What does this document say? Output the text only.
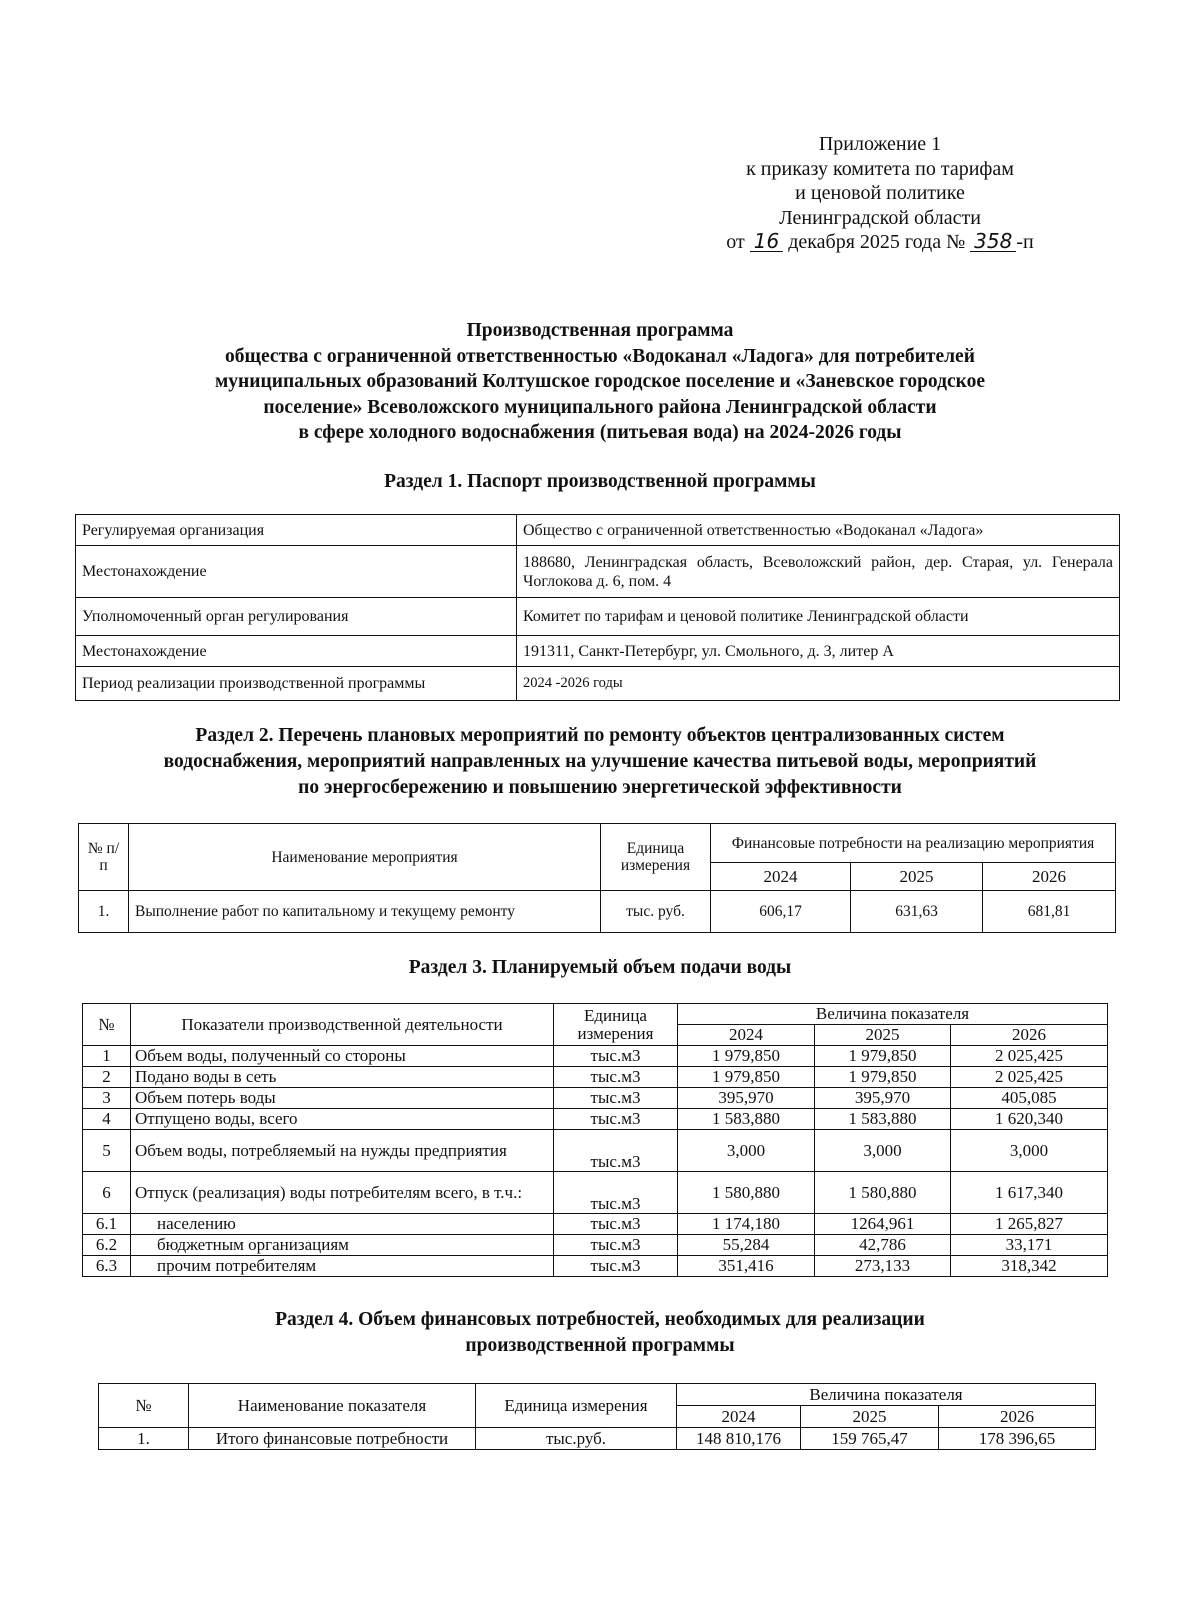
Приложение 1
к приказу комитета по тарифам
и ценовой политике
Ленинградской области
от 16 декабря 2025 года № 358 -п
Производственная программа
общества с ограниченной ответственностью «Водоканал «Ладога» для потребителей
муниципальных образований Колтушское городское поселение и «Заневское городское
поселение» Всеволожского муниципального района Ленинградской области
в сфере холодного водоснабжения (питьевая вода) на 2024-2026 годы
Раздел 1. Паспорт производственной программы
Регулируемая организация	Общество с ограниченной ответственностью «Водоканал «Ладога»
Местонахождение	188680, Ленинградская область, Всеволожский район, дер. Старая, ул. Генерала Чоглокова д. 6, пом. 4
Уполномоченный орган регулирования	Комитет по тарифам и ценовой политике Ленинградской области
Местонахождение	191311, Санкт-Петербург, ул. Смольного, д. 3, литер А
Период реализации производственной программы	2024 -2026 годы
Раздел 2. Перечень плановых мероприятий по ремонту объектов централизованных систем
водоснабжения, мероприятий направленных на улучшение качества питьевой воды, мероприятий
по энергосбережению и повышению энергетической эффективности
№ п/п	Наименование мероприятия	Единица измерения	Финансовые потребности на реализацию мероприятия		
			2024	2025	2026
1.	Выполнение работ по капитальному и текущему ремонту	тыс. руб.	606,17	631,63	681,81
Раздел 3. Планируемый объем подачи воды
№	Показатели производственной деятельности	Единица измерения	Величина показателя		
			2024	2025	2026
1	Объем воды, полученный со стороны	тыс.м3	1 979,850	1 979,850	2 025,425
2	Подано воды в сеть	тыс.м3	1 979,850	1 979,850	2 025,425
3	Объем потерь воды	тыс.м3	395,970	395,970	405,085
4	Отпущено воды, всего	тыс.м3	1 583,880	1 583,880	1 620,340
5	Объем воды, потребляемый на нужды предприятия	тыс.м3	3,000	3,000	3,000
6	Отпуск (реализация) воды потребителям всего, в т.ч.:	тыс.м3	1 580,880	1 580,880	1 617,340
6.1	населению	тыс.м3	1 174,180	1264,961	1 265,827
6.2	бюджетным организациям	тыс.м3	55,284	42,786	33,171
6.3	прочим потребителям	тыс.м3	351,416	273,133	318,342
Раздел 4. Объем финансовых потребностей, необходимых для реализации
производственной программы
№	Наименование показателя	Единица измерения	Величина показателя		
			2024	2025	2026
1.	Итого финансовые потребности	тыс.руб.	148 810,176	159 765,47	178 396,65
